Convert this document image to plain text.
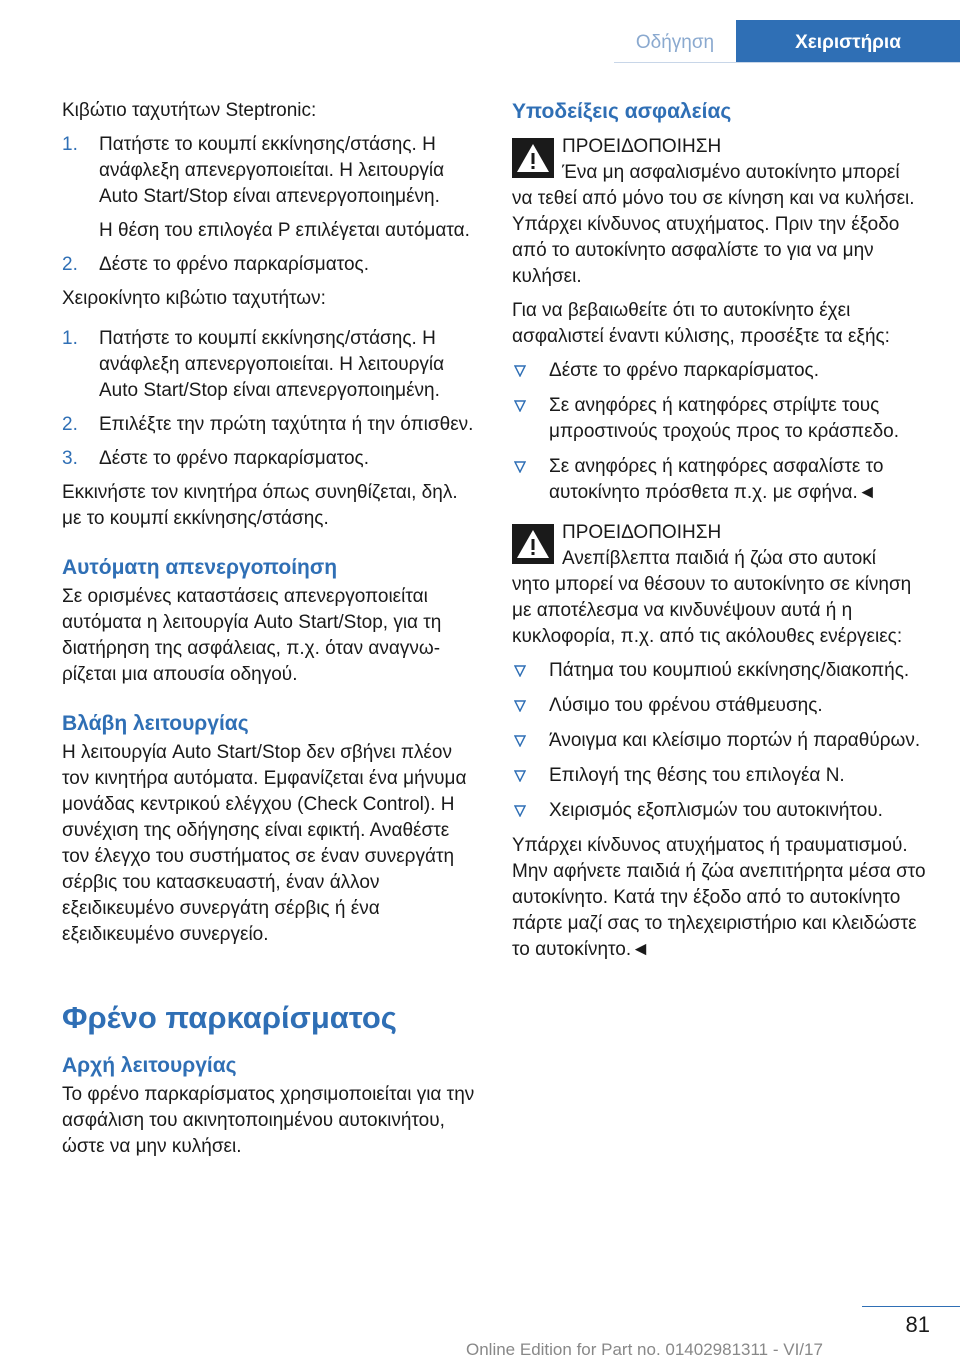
Οδήγηση	Χειριστήρια

Κιβώτιο ταχυτήτων Steptronic:

1. Πατήστε το κουμπί εκκίνησης/στάσης. Η ανάφλεξη απενεργοποιείται. Η λειτουργία Auto Start/Stop είναι απενεργοποιημένη.

Η θέση του επιλογέα P επιλέγεται αυτόματα.

2. Δέστε το φρένο παρκαρίσματος.

Χειροκίνητο κιβώτιο ταχυτήτων:

1. Πατήστε το κουμπί εκκίνησης/στάσης. Η ανάφλεξη απενεργοποιείται. Η λειτουργία Auto Start/Stop είναι απενεργοποιημένη.
2. Επιλέξτε την πρώτη ταχύτητα ή την όπισθεν.
3. Δέστε το φρένο παρκαρίσματος.

Εκκινήστε τον κινητήρα όπως συνηθίζεται, δηλ. με το κουμπί εκκίνησης/στάσης.

Αυτόματη απενεργοποίηση

Σε ορισμένες καταστάσεις απενεργοποιείται αυτόματα η λειτουργία Auto Start/Stop, για τη διατήρηση της ασφάλειας, π.χ. όταν αναγνωρίζεται μια απουσία οδηγού.

Βλάβη λειτουργίας

Η λειτουργία Auto Start/Stop δεν σβήνει πλέον τον κινητήρα αυτόματα. Εμφανίζεται ένα μήνυμα μονάδας κεντρικού ελέγχου (Check Control). Η συνέχιση της οδήγησης είναι εφικτή. Αναθέστε τον έλεγχο του συστήματος σε έναν συνεργάτη σέρβις του κατασκευαστή, έναν άλλον εξειδικευμένο συνεργάτη σέρβις ή ένα εξειδικευμένο συνεργείο.

Φρένο παρκαρίσματος
Αρχή λειτουργίας

Το φρένο παρκαρίσματος χρησιμοποιείται για την ασφάλιση του ακινητοποιημένου αυτοκινήτου, ώστε να μην κυλήσει.

Υποδείξεις ασφαλείας
ΠΡΟΕΙΔΟΠΟΙΗΣΗ
Ένα μη ασφαλισμένο αυτοκίνητο μπορεί

να τεθεί από μόνο του σε κίνηση και να κυλήσει. Υπάρχει κίνδυνος ατυχήματος. Πριν την έξοδο από το αυτοκίνητο ασφαλίστε το για να μην κυλήσει.

Για να βεβαιωθείτε ότι το αυτοκίνητο έχει ασφαλιστεί έναντι κύλισης, προσέξτε τα εξής:

Δέστε το φρένο παρκαρίσματος.
Σε ανηφόρες ή κατηφόρες στρίψτε τους μπροστινούς τροχούς προς το κράσπεδο.
Σε ανηφόρες ή κατηφόρες ασφαλίστε το αυτοκίνητο πρόσθετα π.χ. με σφήνα.◄
ΠΡΟΕΙΔΟΠΟΙΗΣΗ
Ανεπίβλεπτα παιδιά ή ζώα στο αυτοκί

νητο μπορεί να θέσουν το αυτοκίνητο σε κίνηση με αποτέλεσμα να κινδυνέψουν αυτά ή η κυκλοφορία, π.χ. από τις ακόλουθες ενέργειες:

Πάτημα του κουμπιού εκκίνησης/διακοπής.
Λύσιμο του φρένου στάθμευσης.
Άνοιγμα και κλείσιμο πορτών ή παραθύρων.
Επιλογή της θέσης του επιλογέα N.
Χειρισμός εξοπλισμών του αυτοκινήτου.

Υπάρχει κίνδυνος ατυχήματος ή τραυματισμού. Μην αφήνετε παιδιά ή ζώα ανεπιτήρητα μέσα στο αυτοκίνητο. Κατά την έξοδο από το αυτοκίνητο πάρτε μαζί σας το τηλεχειριστήριο και κλειδώστε το αυτοκίνητο.◄

81
Online Edition for Part no. 01402981311 - VI/17
